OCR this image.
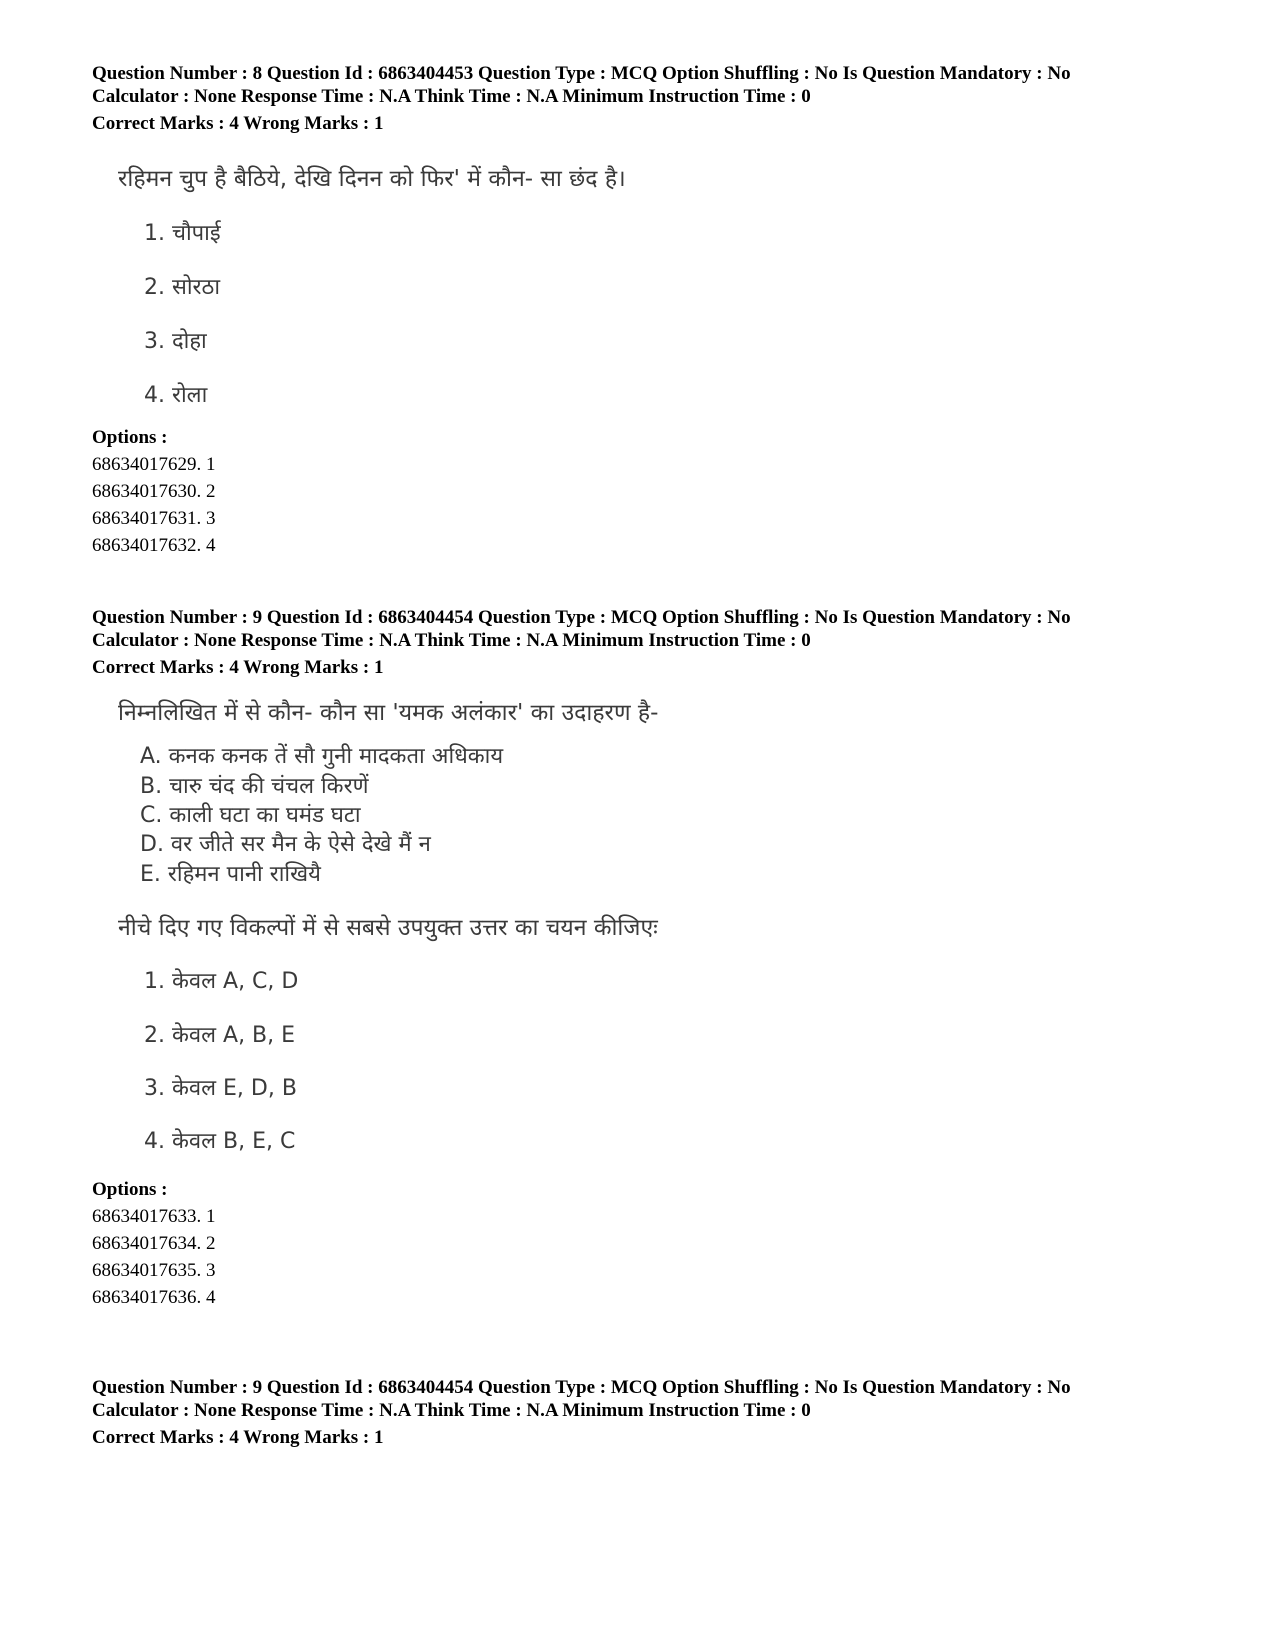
Question Number : 8 Question Id : 6863404453 Question Type : MCQ Option Shuffling : No Is Question Mandatory : No

Calculator : None Response Time : N.A Think Time : N.A Minimum Instruction Time : 0

Correct Marks : 4 Wrong Marks : 1

रहिमन चुप है बैठिये, देखि दिनन को फिर' में कौन- सा छंद है।

1. चौपाई
2. सोरठा
3. दोहा
4. रोला

Options :

68634017629. 1

68634017630. 2

68634017631. 3

68634017632. 4

Question Number : 9 Question Id : 6863404454 Question Type : MCQ Option Shuffling : No Is Question Mandatory : No

Calculator : None Response Time : N.A Think Time : N.A Minimum Instruction Time : 0

Correct Marks : 4 Wrong Marks : 1

निम्नलिखित में से कौन- कौन सा 'यमक अलंकार' का उदाहरण है-

A. कनक कनक तें सौ गुनी मादकता अधिकाय
B. चारु चंद की चंचल किरणें
C. काली घटा का घमंड घटा
D. वर जीते सर मैन के ऐसे देखे मैं न
E. रहिमन पानी राखियै

नीचे दिए गए विकल्पों में से सबसे उपयुक्त उत्तर का चयन कीजिएः

1. केवल A, C, D
2. केवल A, B, E
3. केवल E, D, B
4. केवल B, E, C

Options :

68634017633. 1

68634017634. 2

68634017635. 3

68634017636. 4

Question Number : 9 Question Id : 6863404454 Question Type : MCQ Option Shuffling : No Is Question Mandatory : No

Calculator : None Response Time : N.A Think Time : N.A Minimum Instruction Time : 0

Correct Marks : 4 Wrong Marks : 1
